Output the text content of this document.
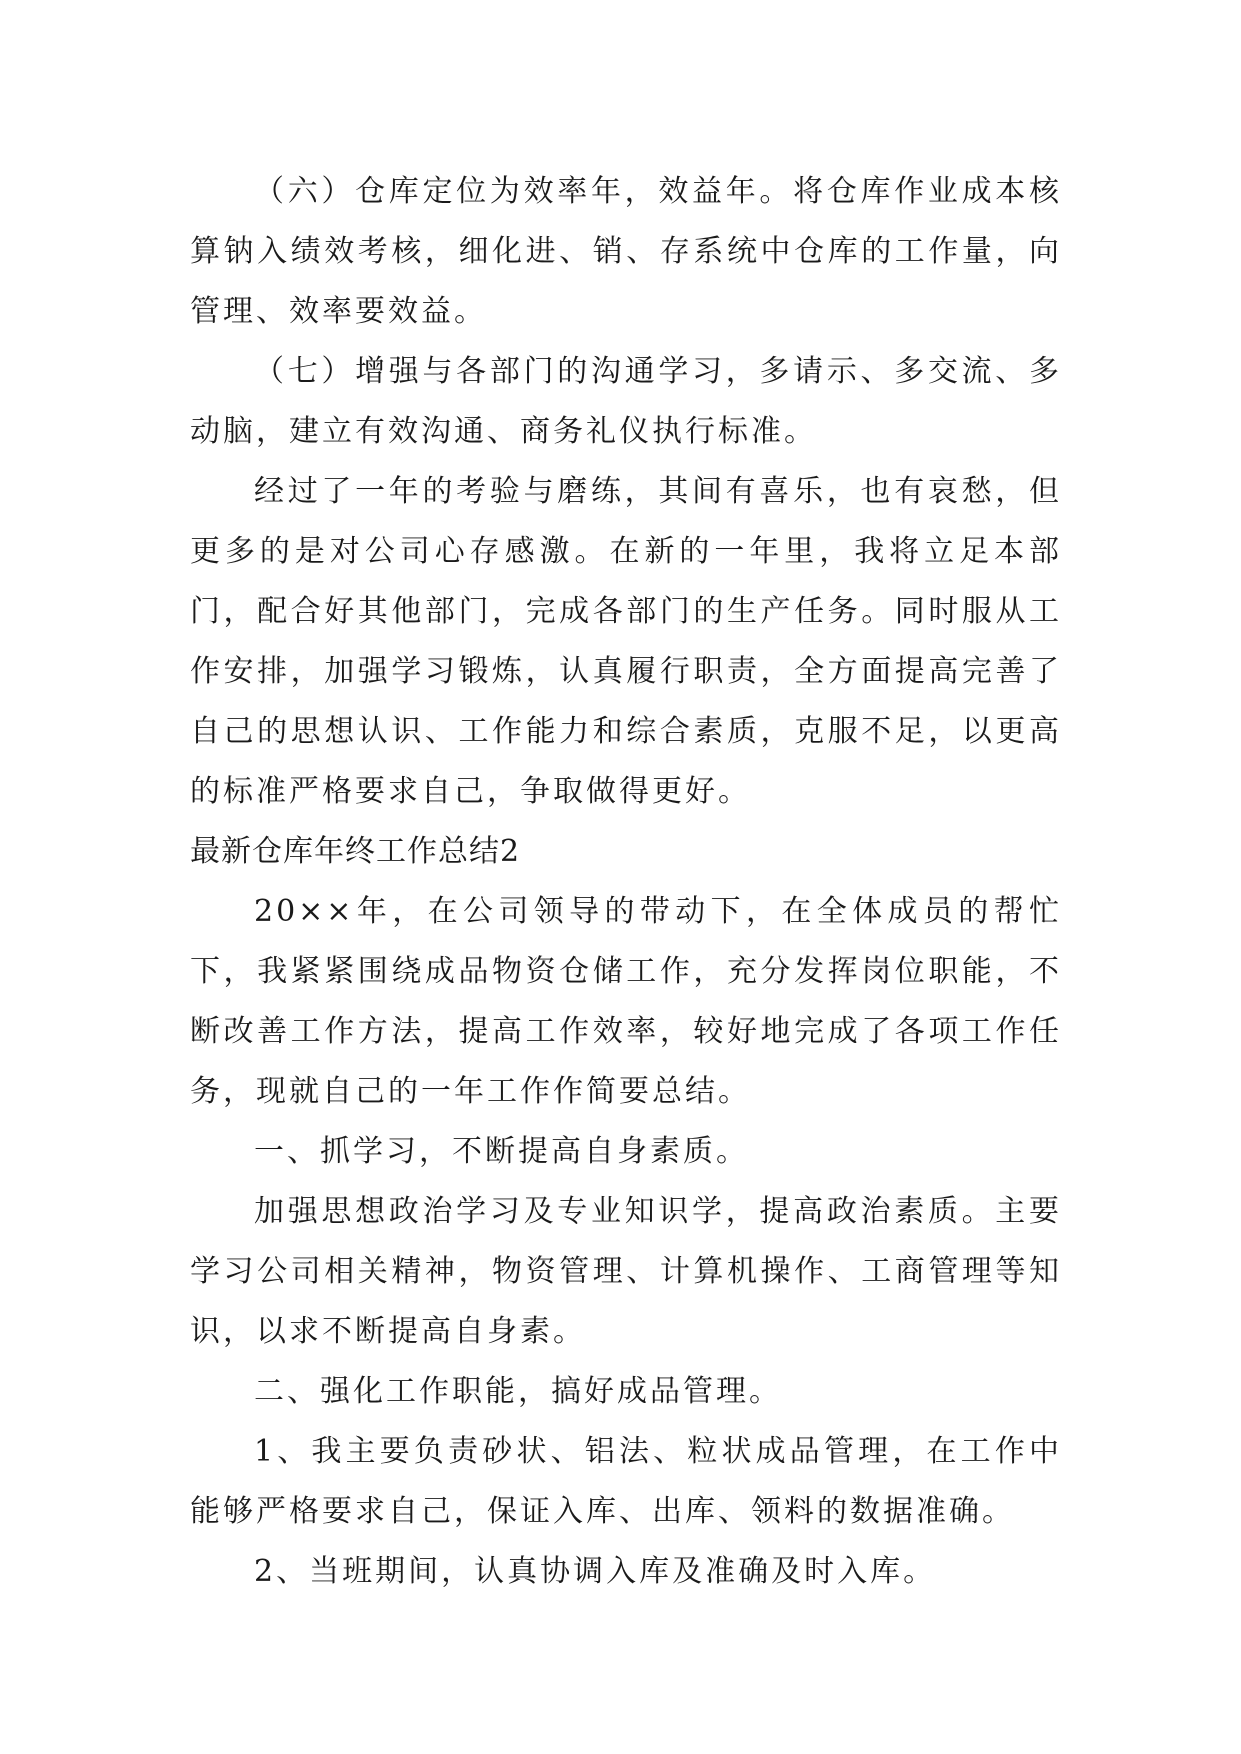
（六）仓库定位为效率年，效益年。将仓库作业成本核算钠入绩效考核，细化进、销、存系统中仓库的工作量，向管理、效率要效益。

（七）增强与各部门的沟通学习，多请示、多交流、多动脑，建立有效沟通、商务礼仪执行标准。

经过了一年的考验与磨练，其间有喜乐，也有哀愁，但更多的是对公司心存感激。在新的一年里，我将立足本部门，配合好其他部门，完成各部门的生产任务。同时服从工作安排，加强学习锻炼，认真履行职责，全方面提高完善了自己的思想认识、工作能力和综合素质，克服不足，以更高的标准严格要求自己，争取做得更好。

最新仓库年终工作总结2

20××年，在公司领导的带动下，在全体成员的帮忙下，我紧紧围绕成品物资仓储工作，充分发挥岗位职能，不断改善工作方法，提高工作效率，较好地完成了各项工作任务，现就自己的一年工作作简要总结。

一、抓学习，不断提高自身素质。

加强思想政治学习及专业知识学，提高政治素质。主要学习公司相关精神，物资管理、计算机操作、工商管理等知识，以求不断提高自身素。

二、强化工作职能，搞好成品管理。

1、我主要负责砂状、铝法、粒状成品管理，在工作中能够严格要求自己，保证入库、出库、领料的数据准确。

2、当班期间，认真协调入库及准确及时入库。
